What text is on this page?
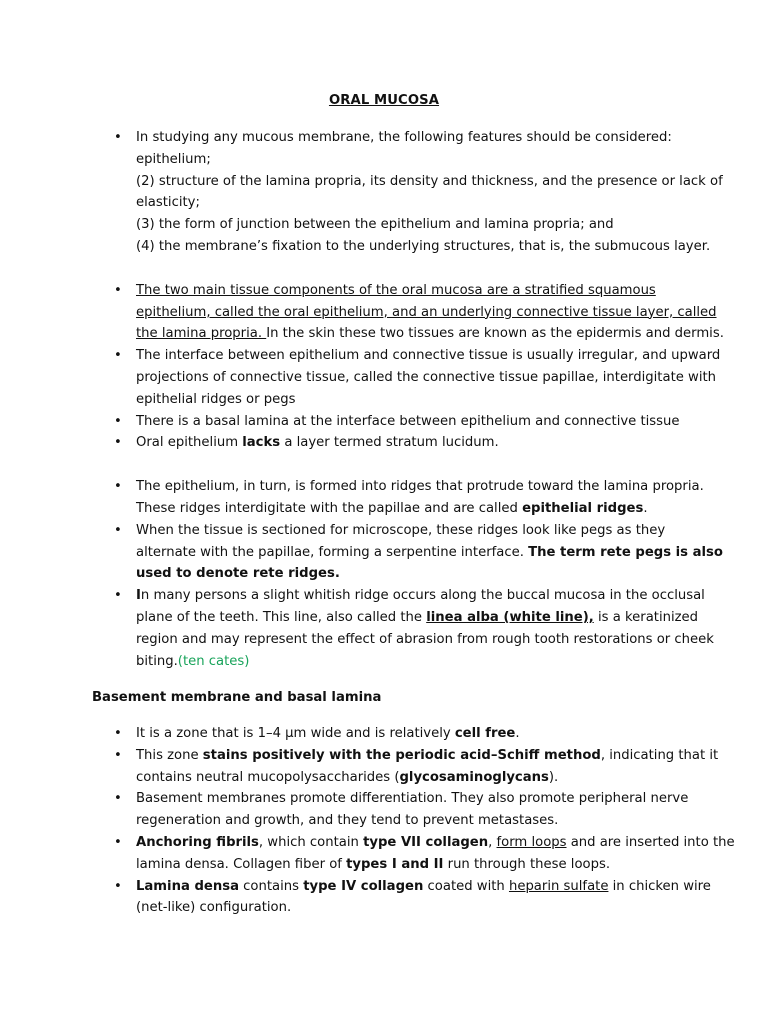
ORAL MUCOSA
• In studying any mucous membrane, the following features should be considered:
epithelium;
(2) structure of the lamina propria, its density and thickness, and the presence or lack of
elasticity;
(3) the form of junction between the epithelium and lamina propria; and
(4) the membrane’s fixation to the underlying structures, that is, the submucous layer.
• The two main tissue components of the oral mucosa are a stratified squamous
epithelium, called the oral epithelium, and an underlying connective tissue layer, called
the lamina propria. In the skin these two tissues are known as the epidermis and dermis.
• The interface between epithelium and connective tissue is usually irregular, and upward
projections of connective tissue, called the connective tissue papillae, interdigitate with
epithelial ridges or pegs
• There is a basal lamina at the interface between epithelium and connective tissue
• Oral epithelium lacks a layer termed stratum lucidum.
• The epithelium, in turn, is formed into ridges that protrude toward the lamina propria.
These ridges interdigitate with the papillae and are called epithelial ridges.
• When the tissue is sectioned for microscope, these ridges look like pegs as they
alternate with the papillae, forming a serpentine interface. The term rete pegs is also
used to denote rete ridges.
• In many persons a slight whitish ridge occurs along the buccal mucosa in the occlusal
plane of the teeth. This line, also called the linea alba (white line), is a keratinized
region and may represent the effect of abrasion from rough tooth restorations or cheek
biting.(ten cates)
Basement membrane and basal lamina
• It is a zone that is 1–4 μm wide and is relatively cell free.
• This zone stains positively with the periodic acid–Schiff method, indicating that it
contains neutral mucopolysaccharides (glycosaminoglycans).
• Basement membranes promote differentiation. They also promote peripheral nerve
regeneration and growth, and they tend to prevent metastases.
• Anchoring fibrils, which contain type VII collagen, form loops and are inserted into the
lamina densa. Collagen fiber of types I and II run through these loops.
• Lamina densa contains type IV collagen coated with heparin sulfate in chicken wire
(net-like) configuration.
